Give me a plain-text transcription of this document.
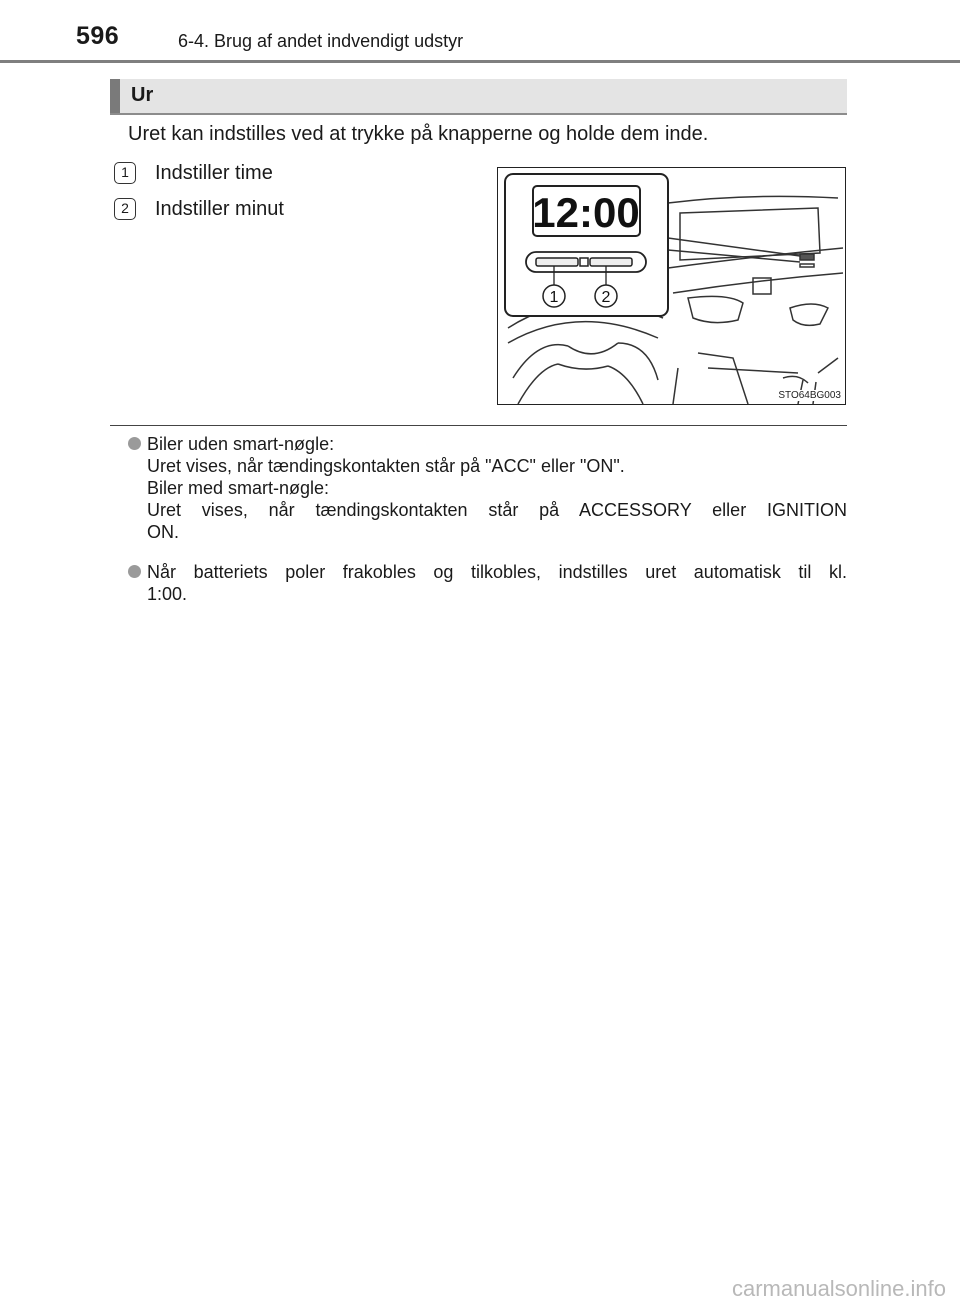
596	6-4. Brug af andet indvendigt udstyr
Ur
Uret kan indstilles ved at trykke på knapperne og holde dem inde.
1	Indstiller time
2	Indstiller minut	12:00
1	2
STO64BG003
Biler uden smart-nøgle:
Uret vises, når tændingskontakten står på "ACC" eller "ON".
Biler med smart-nøgle:
Uret vises, når tændingskontakten står på ACCESSORY eller IGNITION
ON.
Når batteriets poler frakobles og tilkobles, indstilles uret automatisk til kl.
1:00.
carmanualsonline.info
